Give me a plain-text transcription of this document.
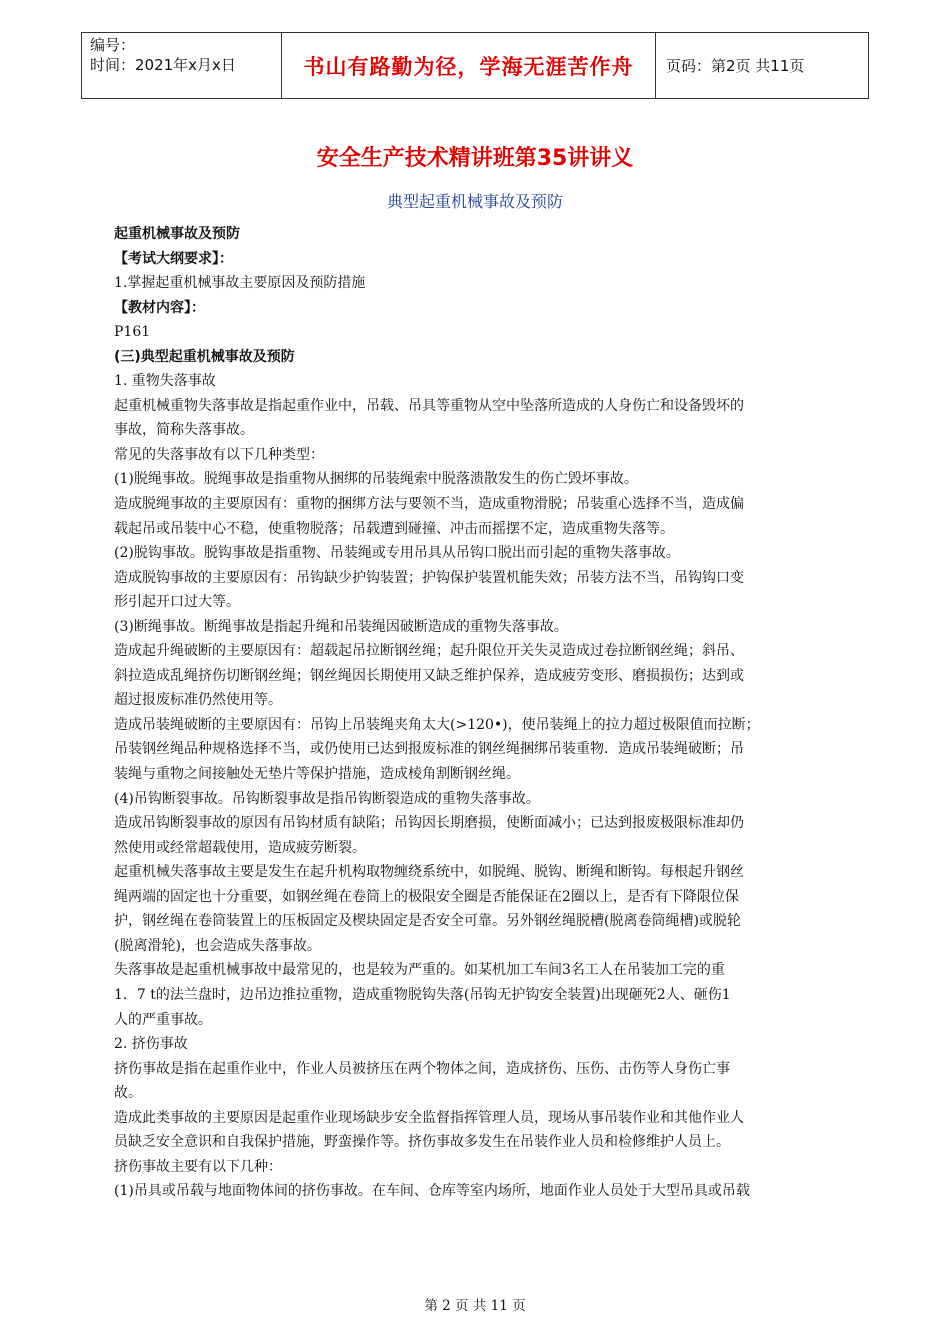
编号：
时间：2021年x月x日	书山有路勤为径，学海无涯苦作舟	页码：第2页 共11页
安全生产技术精讲班第35讲讲义
典型起重机械事故及预防

起重机械事故及预防

【考试大纲要求】：

1.掌握起重机械事故主要原因及预防措施

【教材内容】：

P161

(三)典型起重机械事故及预防

1. 重物失落事故

起重机械重物失落事故是指起重作业中，吊载、吊具等重物从空中坠落所造成的人身伤亡和设备毁坏的

事故，简称失落事故。

常见的失落事故有以下几种类型：

(1)脱绳事故。脱绳事故是指重物从捆绑的吊装绳索中脱落溃散发生的伤亡毁坏事故。

造成脱绳事故的主要原因有：重物的捆绑方法与要领不当，造成重物滑脱；吊装重心选择不当，造成偏

载起吊或吊装中心不稳，使重物脱落；吊载遭到碰撞、冲击而摇摆不定，造成重物失落等。

(2)脱钩事故。脱钩事故是指重物、吊装绳或专用吊具从吊钩口脱出而引起的重物失落事故。

造成脱钩事故的主要原因有：吊钩缺少护钩装置；护钩保护装置机能失效；吊装方法不当，吊钩钩口变

形引起开口过大等。

(3)断绳事故。断绳事故是指起升绳和吊装绳因破断造成的重物失落事故。

造成起升绳破断的主要原因有：超载起吊拉断钢丝绳；起升限位开关失灵造成过卷拉断钢丝绳；斜吊、

斜拉造成乱绳挤伤切断钢丝绳；钢丝绳因长期使用又缺乏维护保养，造成疲劳变形、磨损损伤；达到或

超过报废标准仍然使用等。

造成吊装绳破断的主要原因有：吊钩上吊装绳夹角太大(>120•)，使吊装绳上的拉力超过极限值而拉断；

吊装钢丝绳品种规格选择不当，或仍使用已达到报废标准的钢丝绳捆绑吊装重物．造成吊装绳破断；吊

装绳与重物之间接触处无垫片等保护措施，造成棱角割断钢丝绳。

(4)吊钩断裂事故。吊钩断裂事故是指吊钩断裂造成的重物失落事故。

造成吊钩断裂事故的原因有吊钩材质有缺陷；吊钩因长期磨损，使断面减小；已达到报废极限标准却仍

然使用或经常超载使用，造成疲劳断裂。

起重机械失落事故主要是发生在起升机构取物缠绕系统中，如脱绳、脱钩、断绳和断钩。每根起升钢丝

绳两端的固定也十分重要，如钢丝绳在卷筒上的极限安全圈是否能保证在2圈以上，是否有下降限位保

护，钢丝绳在卷筒装置上的压板固定及楔块固定是否安全可靠。另外钢丝绳脱槽(脱离卷筒绳槽)或脱轮

(脱离滑轮)，也会造成失落事故。

失落事故是起重机械事故中最常见的，也是较为严重的。如某机加工车间3名工人在吊装加工完的重

1．7 t的法兰盘时，边吊边推拉重物，造成重物脱钩失落(吊钩无护钩安全装置)出现砸死2人、砸伤1

人的严重事故。

2. 挤伤事故

挤伤事故是指在起重作业中，作业人员被挤压在两个物体之间，造成挤伤、压伤、击伤等人身伤亡事

故。

造成此类事故的主要原因是起重作业现场缺步安全监督指挥管理人员，现场从事吊装作业和其他作业人

员缺乏安全意识和自我保护措施，野蛮操作等。挤伤事故多发生在吊装作业人员和检修维护人员上。

挤伤事故主要有以下几种：

(1)吊具或吊载与地面物体间的挤伤事故。在车间、仓库等室内场所，地面作业人员处于大型吊具或吊载

第 2 页 共 11 页
